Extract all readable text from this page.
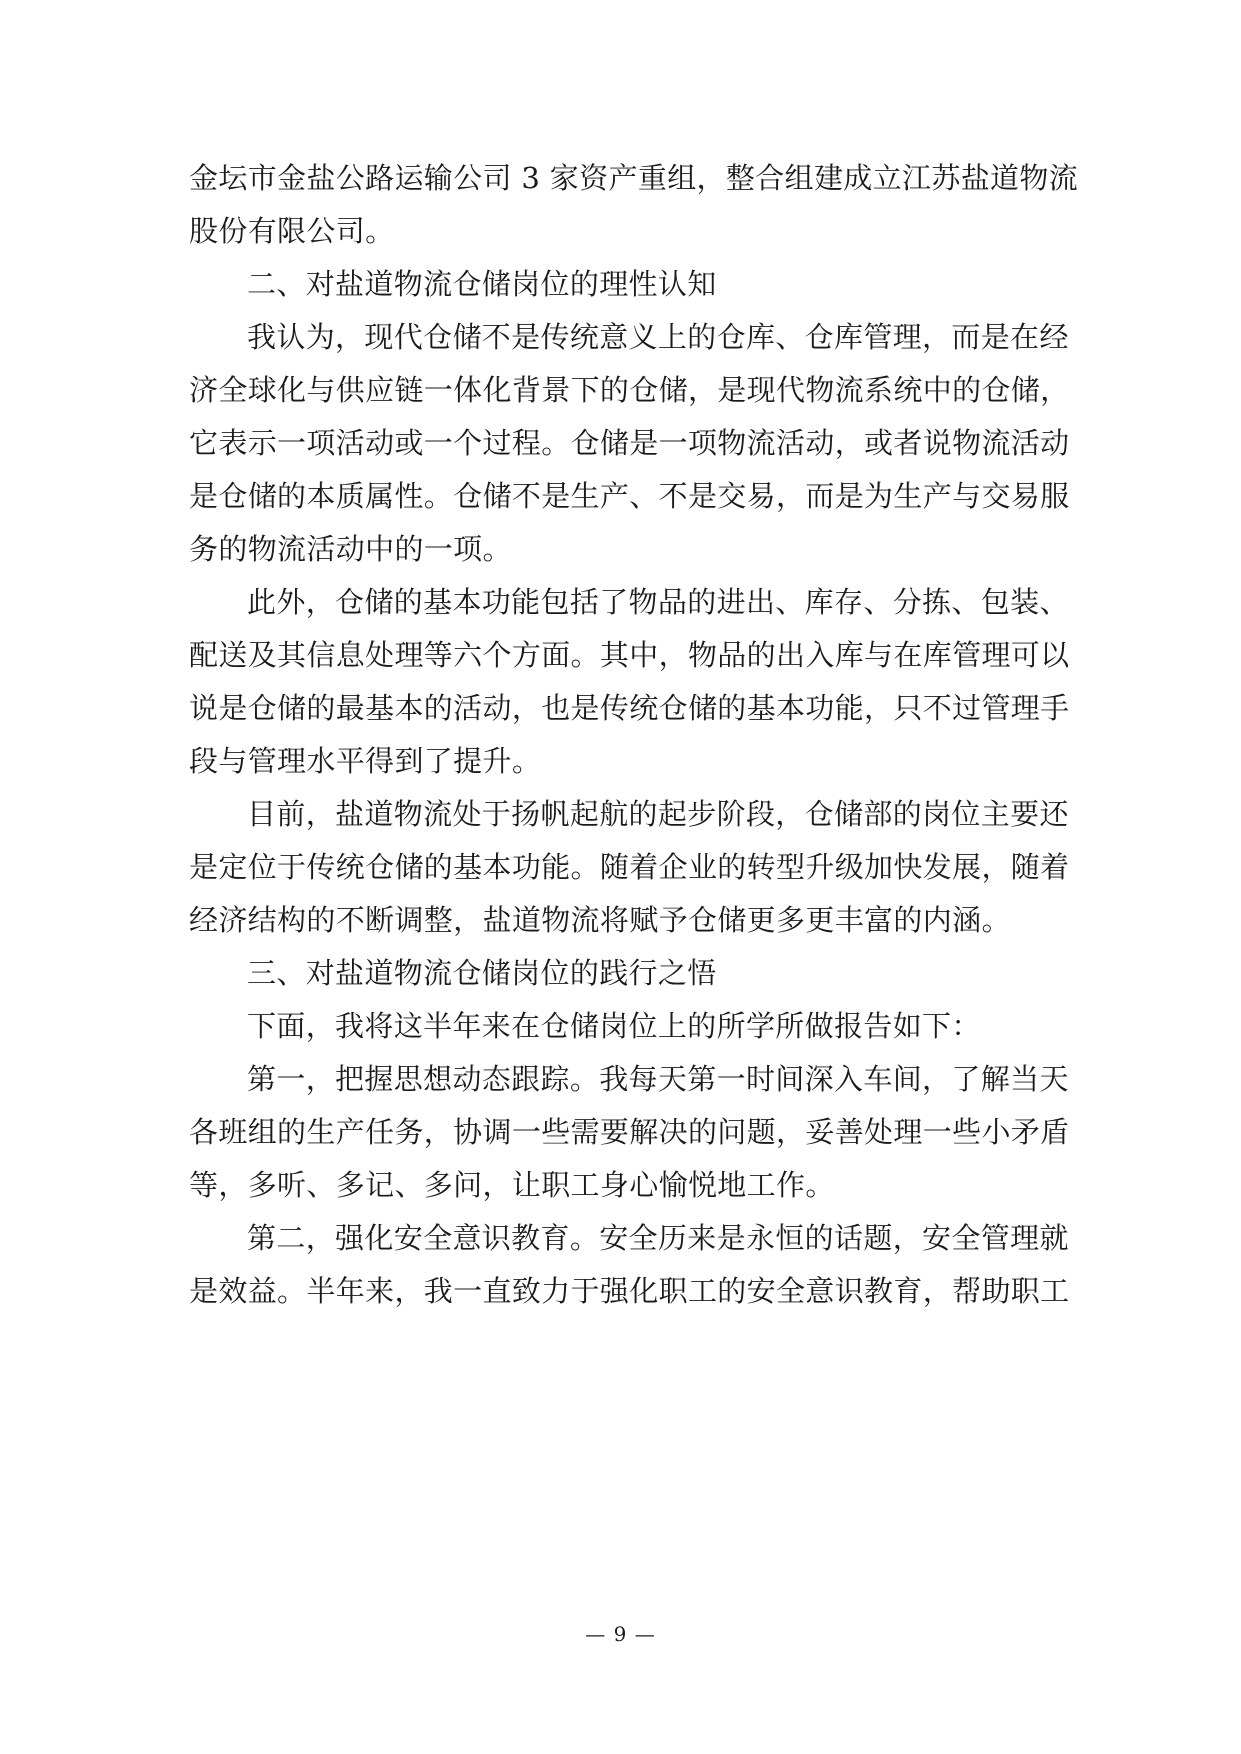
金坛市金盐公路运输公司 3 家资产重组，整合组建成立江苏盐道物流
股份有限公司。
二、对盐道物流仓储岗位的理性认知
我认为，现代仓储不是传统意义上的仓库、仓库管理，而是在经
济全球化与供应链一体化背景下的仓储，是现代物流系统中的仓储，
它表示一项活动或一个过程。仓储是一项物流活动，或者说物流活动
是仓储的本质属性。仓储不是生产、不是交易，而是为生产与交易服
务的物流活动中的一项。
此外，仓储的基本功能包括了物品的进出、库存、分拣、包装、
配送及其信息处理等六个方面。其中，物品的出入库与在库管理可以
说是仓储的最基本的活动，也是传统仓储的基本功能，只不过管理手
段与管理水平得到了提升。
目前，盐道物流处于扬帆起航的起步阶段，仓储部的岗位主要还
是定位于传统仓储的基本功能。随着企业的转型升级加快发展，随着
经济结构的不断调整，盐道物流将赋予仓储更多更丰富的内涵。
三、对盐道物流仓储岗位的践行之悟
下面，我将这半年来在仓储岗位上的所学所做报告如下：
第一，把握思想动态跟踪。我每天第一时间深入车间，了解当天
各班组的生产任务，协调一些需要解决的问题，妥善处理一些小矛盾
等，多听、多记、多问，让职工身心愉悦地工作。
第二，强化安全意识教育。安全历来是永恒的话题，安全管理就
是效益。半年来，我一直致力于强化职工的安全意识教育，帮助职工
— 9 —
